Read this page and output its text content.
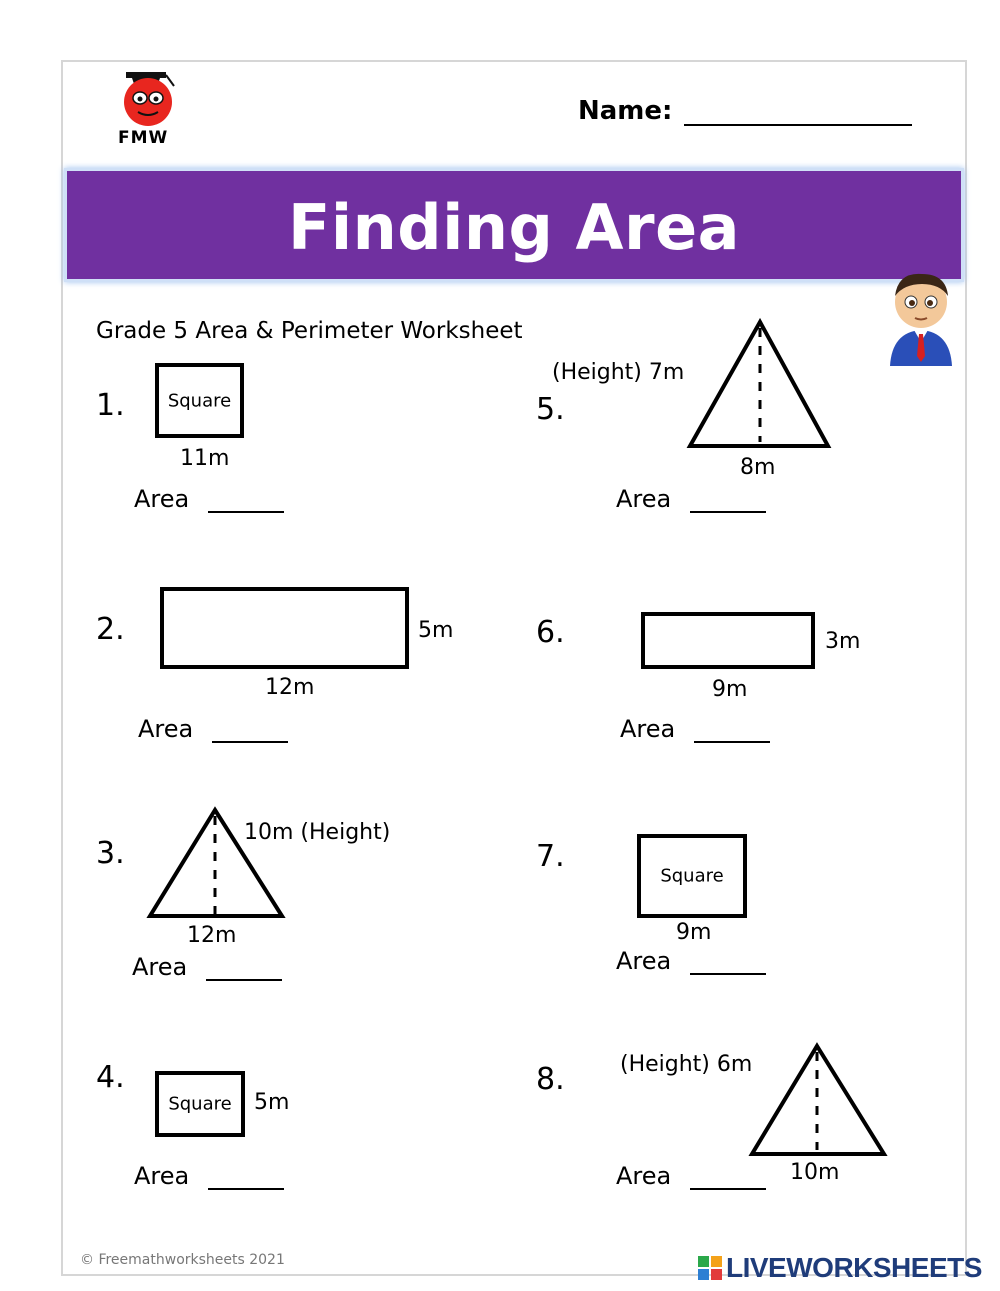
FMW
Name:
Finding Area
Grade 5 Area & Perimeter Worksheet
1.	Square
11m
Area
2.	5m
12m
Area
3.
10m (Height)
12m
Area
4.
Square	5m
Area
5.
(Height) 7m
8m
Area
6.	3m
9m
Area
7.
Square
9m
Area
8.	(Height) 6m
10m
Area
© Freemathworksheets 2021	LIVEWORKSHEETS
